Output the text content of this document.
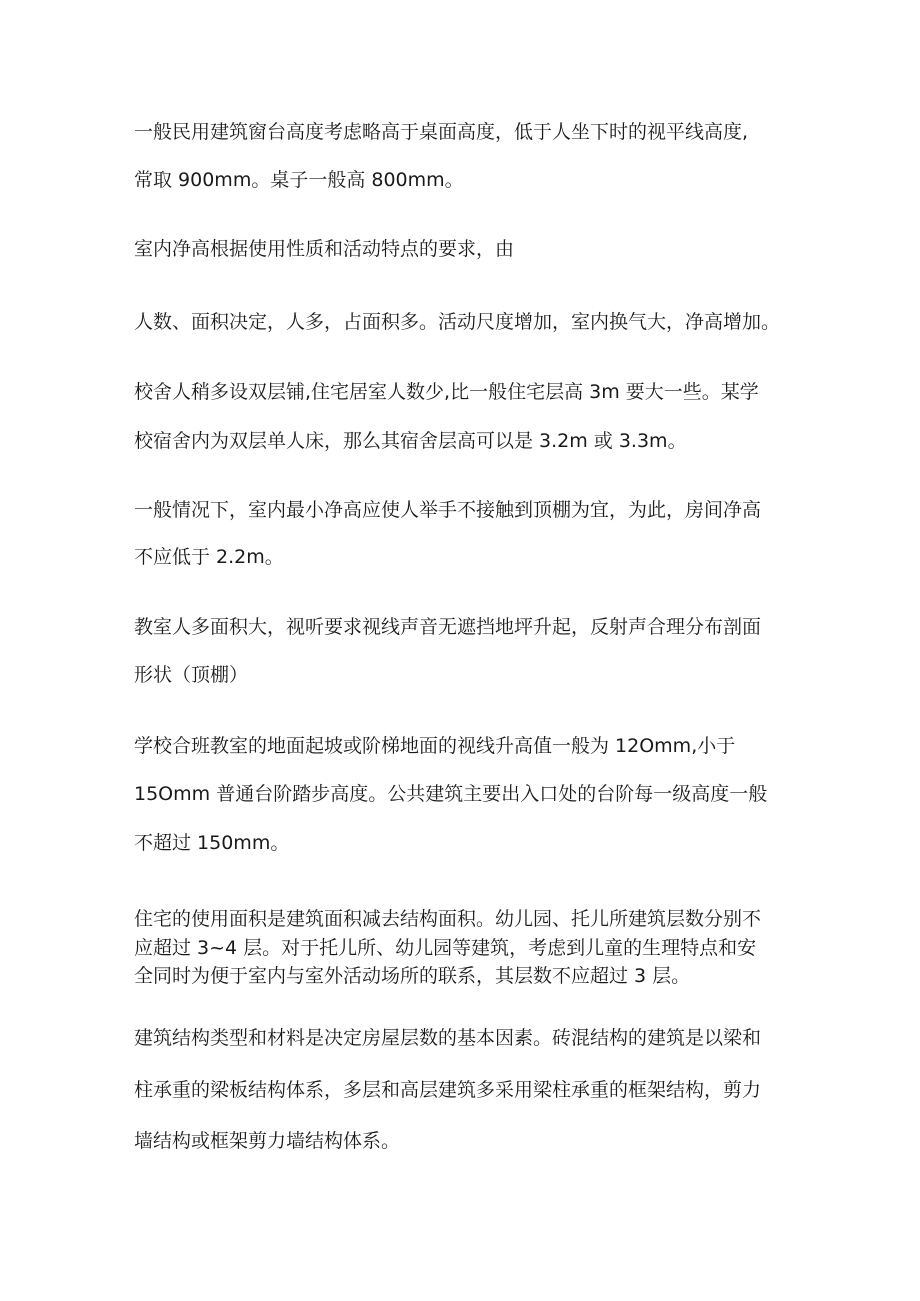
一般民用建筑窗台高度考虑略高于桌面高度，低于人坐下时的视平线高度,

常取 900mm。桌子一般高 800mm。

室内净高根据使用性质和活动特点的要求，由

人数、面积决定，人多，占面积多。活动尺度增加，室内换气大，净高增加。

校舍人稍多设双层铺,住宅居室人数少,比一般住宅层高 3m 要大一些。某学

校宿舍内为双层单人床，那么其宿舍层高可以是 3.2m 或 3.3m。

一般情况下，室内最小净高应使人举手不接触到顶棚为宜，为此，房间净高

不应低于 2.2m。

教室人多面积大，视听要求视线声音无遮挡地坪升起，反射声合理分布剖面

形状（顶棚）

学校合班教室的地面起坡或阶梯地面的视线升高值一般为 12Omm,小于

15Omm 普通台阶踏步高度。公共建筑主要出入口处的台阶每一级高度一般

不超过 150mm。

住宅的使用面积是建筑面积减去结构面积。幼儿园、托儿所建筑层数分别不

应超过 3~4 层。对于托儿所、幼儿园等建筑，考虑到儿童的生理特点和安

全同时为便于室内与室外活动场所的联系，其层数不应超过 3 层。

建筑结构类型和材料是决定房屋层数的基本因素。砖混结构的建筑是以梁和

柱承重的梁板结构体系，多层和高层建筑多采用梁柱承重的框架结构，剪力

墙结构或框架剪力墙结构体系。
